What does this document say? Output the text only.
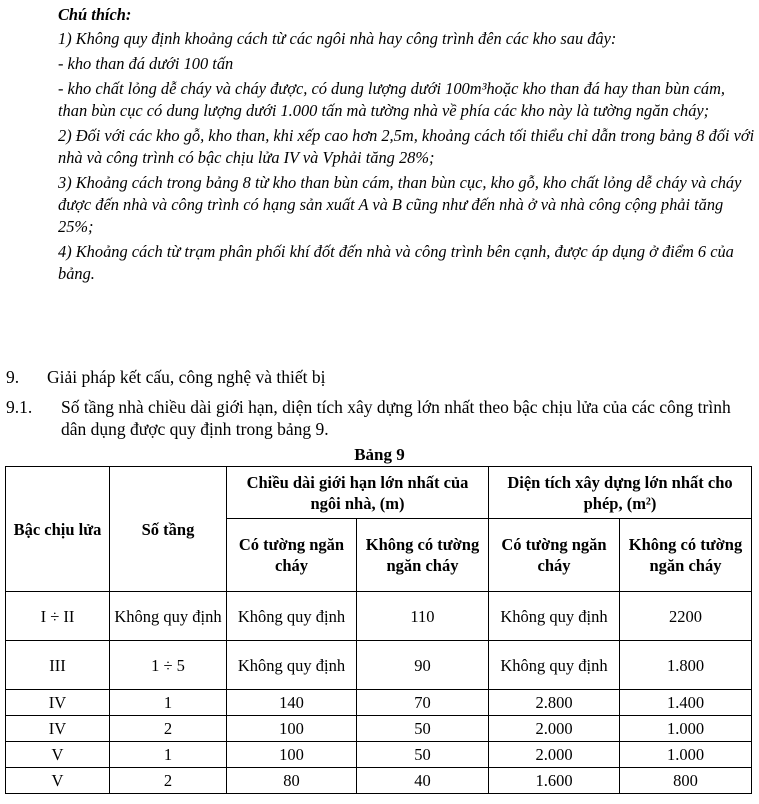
Chú thích:

1) Không quy định khoảng cách từ các ngôi nhà hay công trình đên các kho sau đây:

- kho than đá dưới 100 tấn

- kho chất lỏng dễ cháy và cháy được, có dung lượng dưới 100m³hoặc kho than đá hay than bùn cám, than bùn cục có dung lượng dưới 1.000 tấn mà tường nhà về phía các kho này là tường ngăn cháy;

2) Đối với các kho gỗ, kho than, khi xếp cao hơn 2,5m, khoảng cách tối thiểu chỉ dẫn trong bảng 8 đối với nhà và công trình có bậc chịu lửa IV và Vphải tăng 28%;

3) Khoảng cách trong bảng 8 từ kho than bùn cám, than bùn cục, kho gỗ, kho chất lỏng dễ cháy và cháy được đến nhà và công trình có hạng sản xuất A và B cũng như đến nhà ở và nhà công cộng phải tăng 25%;

4) Khoảng cách từ trạm phân phối khí đốt đến nhà và công trình bên cạnh, được áp dụng ở điểm 6 của bảng.

9. Giải pháp kết cấu, công nghệ và thiết bị
9.1. Số tầng nhà chiều dài giới hạn, diện tích xây dựng lớn nhất theo bậc chịu lửa của các công trình dân dụng được quy định trong bảng 9.
Bảng 9
Bậc chịu lửa	Số tầng	Chiều dài giới hạn lớn nhất của ngôi nhà, (m)		Diện tích xây dựng lớn nhất cho phép, (m²)	
		Có tường ngăn cháy	Không có tường ngăn cháy	Có tường ngăn cháy	Không có tường ngăn cháy
I ÷ II	Không quy định	Không quy định	110	Không quy định	2200
III	1 ÷ 5	Không quy định	90	Không quy định	1.800
IV	1	140	70	2.800	1.400
IV	2	100	50	2.000	1.000
V	1	100	50	2.000	1.000
V	2	80	40	1.600	800
